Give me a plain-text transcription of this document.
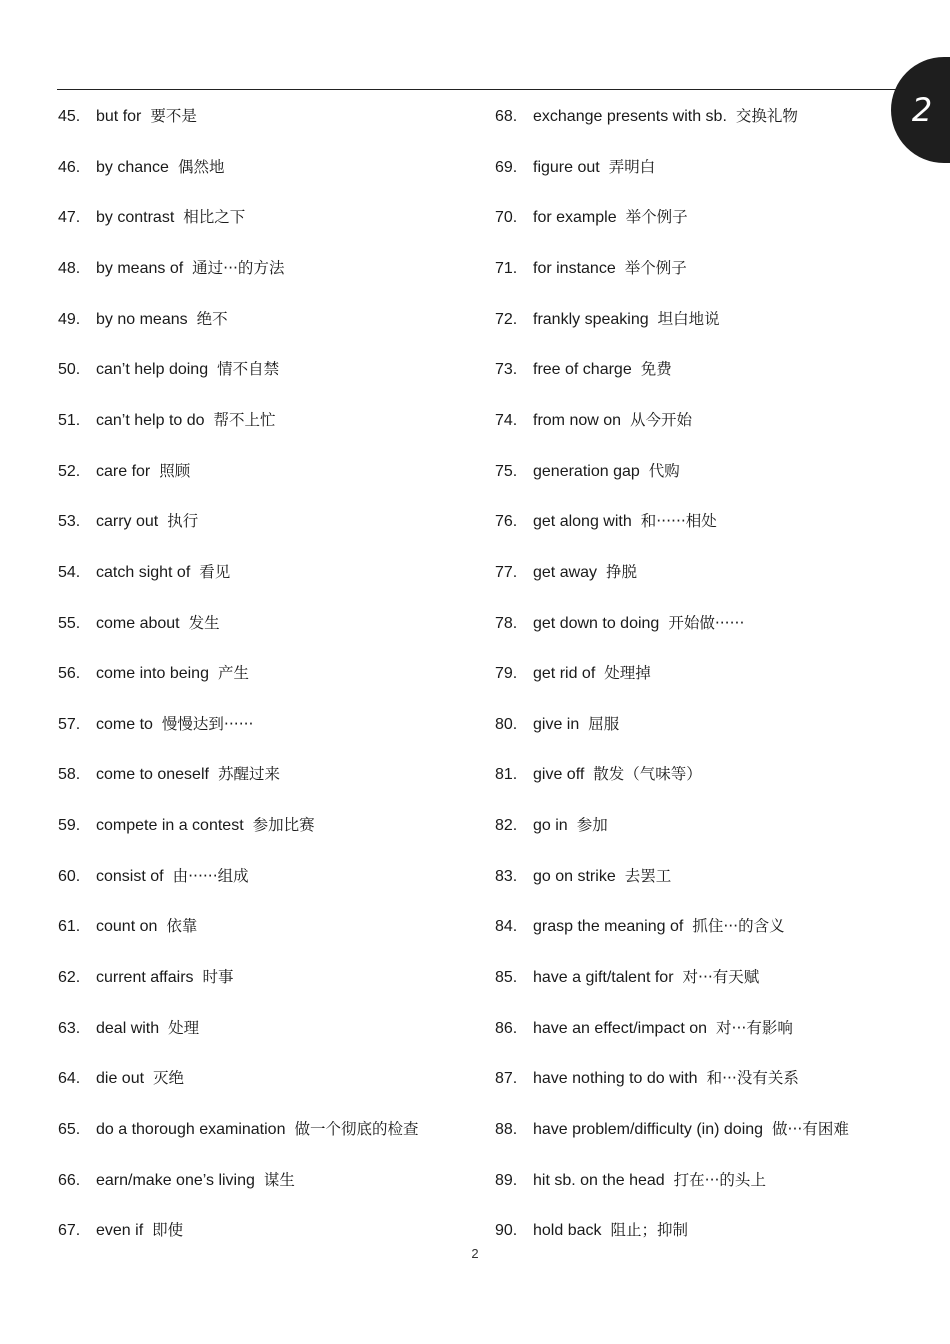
2
45. but for 要不是
46. by chance 偶然地
47. by contrast 相比之下
48. by means of 通过···的方法
49. by no means 绝不
50. can’t help doing 情不自禁
51. can’t help to do 帮不上忙
52. care for 照顾
53. carry out 执行
54. catch sight of 看见
55. come about 发生
56. come into being 产生
57. come to 慢慢达到······
58. come to oneself 苏醒过来
59. compete in a contest 参加比赛
60. consist of 由······组成
61. count on 依靠
62. current affairs 时事
63. deal with 处理
64. die out 灭绝
65. do a thorough examination 做一个彻底的检查
66. earn/make one’s living 谋生
67. even if 即使
68. exchange presents with sb. 交换礼物
69. figure out 弄明白
70. for example 举个例子
71. for instance 举个例子
72. frankly speaking 坦白地说
73. free of charge 免费
74. from now on 从今开始
75. generation gap 代购
76. get along with 和······相处
77. get away 挣脱
78. get down to doing 开始做······
79. get rid of 处理掉
80. give in 屈服
81. give off 散发（气味等）
82. go in 参加
83. go on strike 去罢工
84. grasp the meaning of 抓住···的含义
85. have a gift/talent for 对···有天赋
86. have an effect/impact on 对···有影响
87. have nothing to do with 和···没有关系
88. have problem/difficulty (in) doing 做···有困难
89. hit sb. on the head 打在···的头上
90. hold back 阻止；抑制
2
